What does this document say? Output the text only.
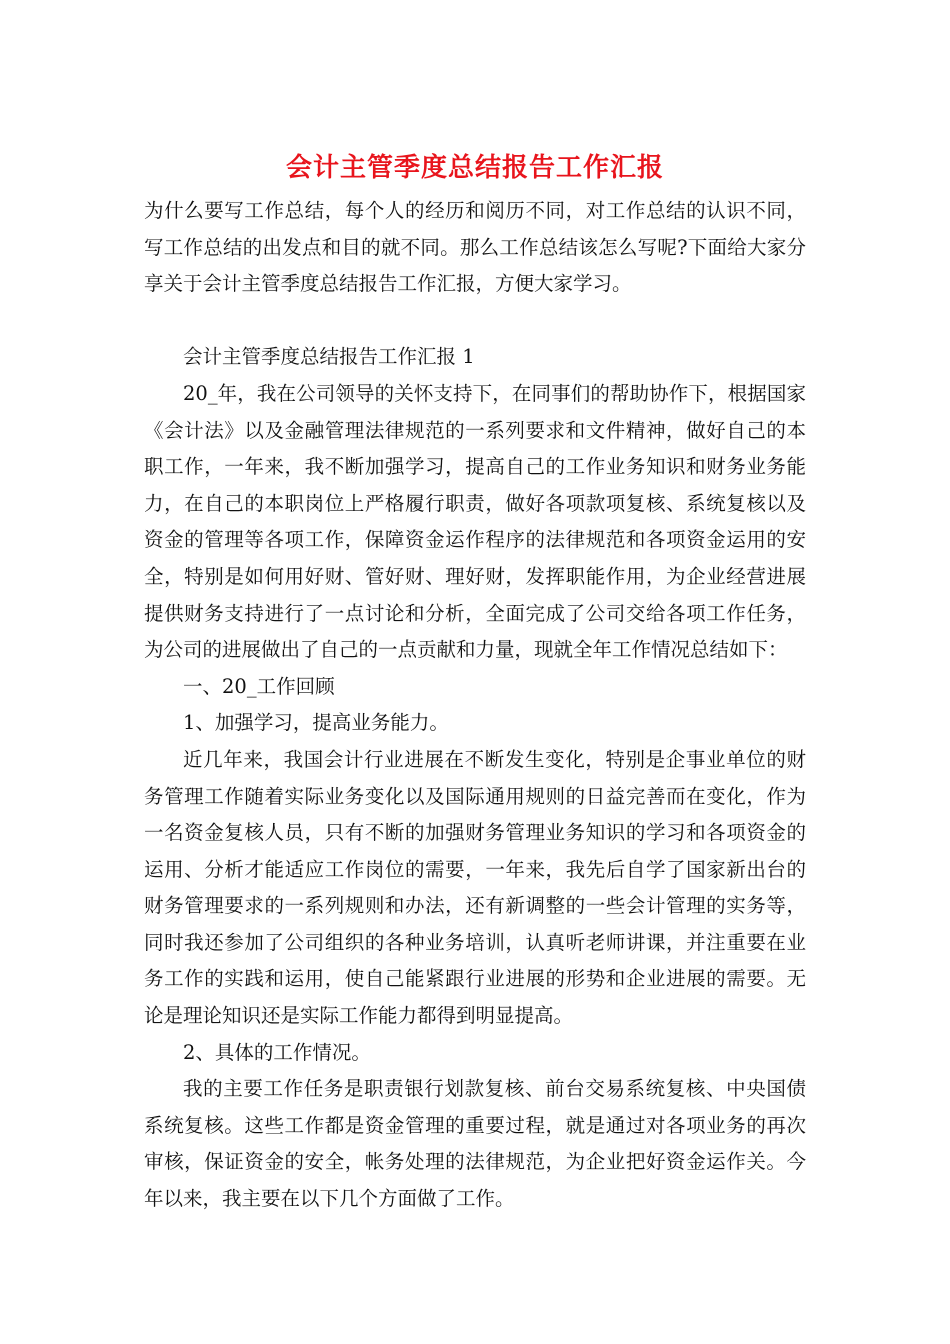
会计主管季度总结报告工作汇报

为什么要写工作总结，每个人的经历和阅历不同，对工作总结的认识不同，写工作总结的出发点和目的就不同。那么工作总结该怎么写呢?下面给大家分享关于会计主管季度总结报告工作汇报，方便大家学习。

会计主管季度总结报告工作汇报 1

20_年，我在公司领导的关怀支持下，在同事们的帮助协作下，根据国家《会计法》以及金融管理法律规范的一系列要求和文件精神，做好自己的本职工作，一年来，我不断加强学习，提高自己的工作业务知识和财务业务能力，在自己的本职岗位上严格履行职责，做好各项款项复核、系统复核以及资金的管理等各项工作，保障资金运作程序的法律规范和各项资金运用的安全，特别是如何用好财、管好财、理好财，发挥职能作用，为企业经营进展提供财务支持进行了一点讨论和分析，全面完成了公司交给各项工作任务，为公司的进展做出了自己的一点贡献和力量，现就全年工作情况总结如下：

一、20_工作回顾

1、加强学习，提高业务能力。

近几年来，我国会计行业进展在不断发生变化，特别是企事业单位的财务管理工作随着实际业务变化以及国际通用规则的日益完善而在变化，作为一名资金复核人员，只有不断的加强财务管理业务知识的学习和各项资金的运用、分析才能适应工作岗位的需要，一年来，我先后自学了国家新出台的财务管理要求的一系列规则和办法，还有新调整的一些会计管理的实务等，同时我还参加了公司组织的各种业务培训，认真听老师讲课，并注重要在业务工作的实践和运用，使自己能紧跟行业进展的形势和企业进展的需要。无论是理论知识还是实际工作能力都得到明显提高。

2、具体的工作情况。

我的主要工作任务是职责银行划款复核、前台交易系统复核、中央国债系统复核。这些工作都是资金管理的重要过程，就是通过对各项业务的再次审核，保证资金的安全，帐务处理的法律规范，为企业把好资金运作关。今年以来，我主要在以下几个方面做了工作。
